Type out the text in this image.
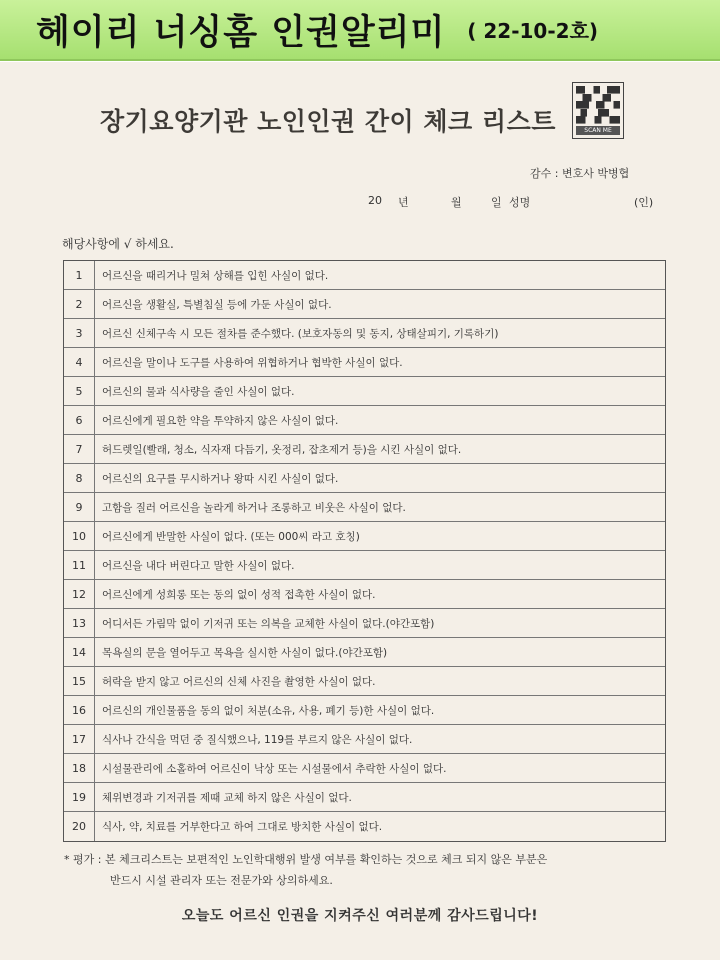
헤이리 너싱홈 인권알리미 ( 22-10-2호)
장기요양기관 노인인권 간이 체크 리스트	SCAN ME
감수 : 변호사 박병협
20	년	월	일 성명	(인)
해당사항에 √ 하세요.
1	어르신을 때리거나 밀쳐 상해를 입힌 사실이 없다.
2	어르신을 생활실, 특별침실 등에 가둔 사실이 없다.
3	어르신 신체구속 시 모든 절차를 준수했다. (보호자동의 및 동지, 상태살피기, 기록하기)
4	어르신을 말이나 도구를 사용하여 위협하거나 협박한 사실이 없다.
5	어르신의 물과 식사량을 줄인 사실이 없다.
6	어르신에게 필요한 약을 투약하지 않은 사실이 없다.
7	허드렛일(빨래, 청소, 식자재 다듬기, 옷정리, 잡초제거 등)을 시킨 사실이 없다.
8	어르신의 요구를 무시하거나 왕따 시킨 사실이 없다.
9	고함을 질러 어르신을 놀라게 하거나 조롱하고 비웃은 사실이 없다.
10	어르신에게 반말한 사실이 없다. (또는 000씨 라고 호칭)
11	어르신을 내다 버린다고 말한 사실이 없다.
12	어르신에게 성희롱 또는 동의 없이 성적 접촉한 사실이 없다.
13	어디서든 가림막 없이 기저귀 또는 의복을 교체한 사실이 없다.(야간포함)
14	목욕실의 문을 열어두고 목욕을 실시한 사실이 없다.(야간포함)
15	허락을 받지 않고 어르신의 신체 사진을 촬영한 사실이 없다.
16	어르신의 개인물품을 동의 없이 처분(소유, 사용, 폐기 등)한 사실이 없다.
17	식사나 간식을 먹던 중 질식했으나, 119를 부르지 않은 사실이 없다.
18	시설물관리에 소홀하여 어르신이 낙상 또는 시설물에서 추락한 사실이 없다.
19	체위변경과 기저귀를 제때 교체 하지 않은 사실이 없다.
20	식사, 약, 치료를 거부한다고 하여 그대로 방치한 사실이 없다.
* 평가 : 본 체크리스트는 보편적인 노인학대행위 발생 여부를 확인하는 것으로 체크 되지 않은 부분은
반드시 시설 관리자 또는 전문가와 상의하세요.
오늘도 어르신 인권을 지켜주신 여러분께 감사드립니다!
